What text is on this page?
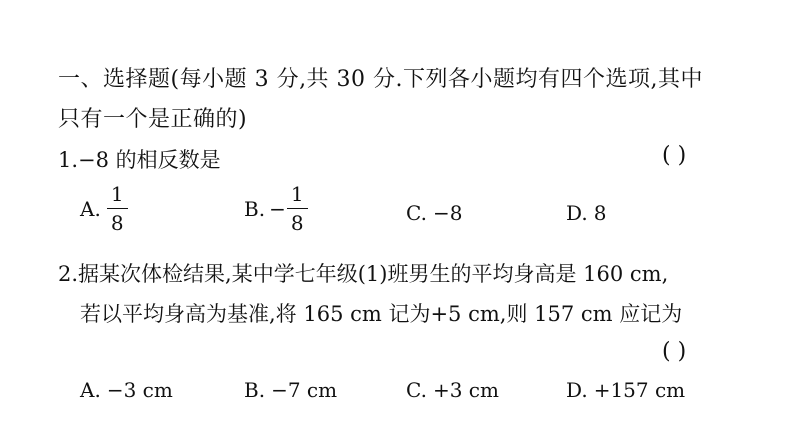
一、选择题(每小题 3 分,共 30 分.下列各小题均有四个选项,其中
只有一个是正确的)
1.−8 的相反数是	( )
A. $\frac{1}{8}$	B. − $\frac{1}{8}$	C. −8	D. 8
2.据某次体检结果,某中学七年级(1)班男生的平均身高是 160 cm,
若以平均身高为基准,将 165 cm 记为+5 cm,则 157 cm 应记为
( )
A. −3 cm	B. −7 cm	C. +3 cm	D. +157 cm
